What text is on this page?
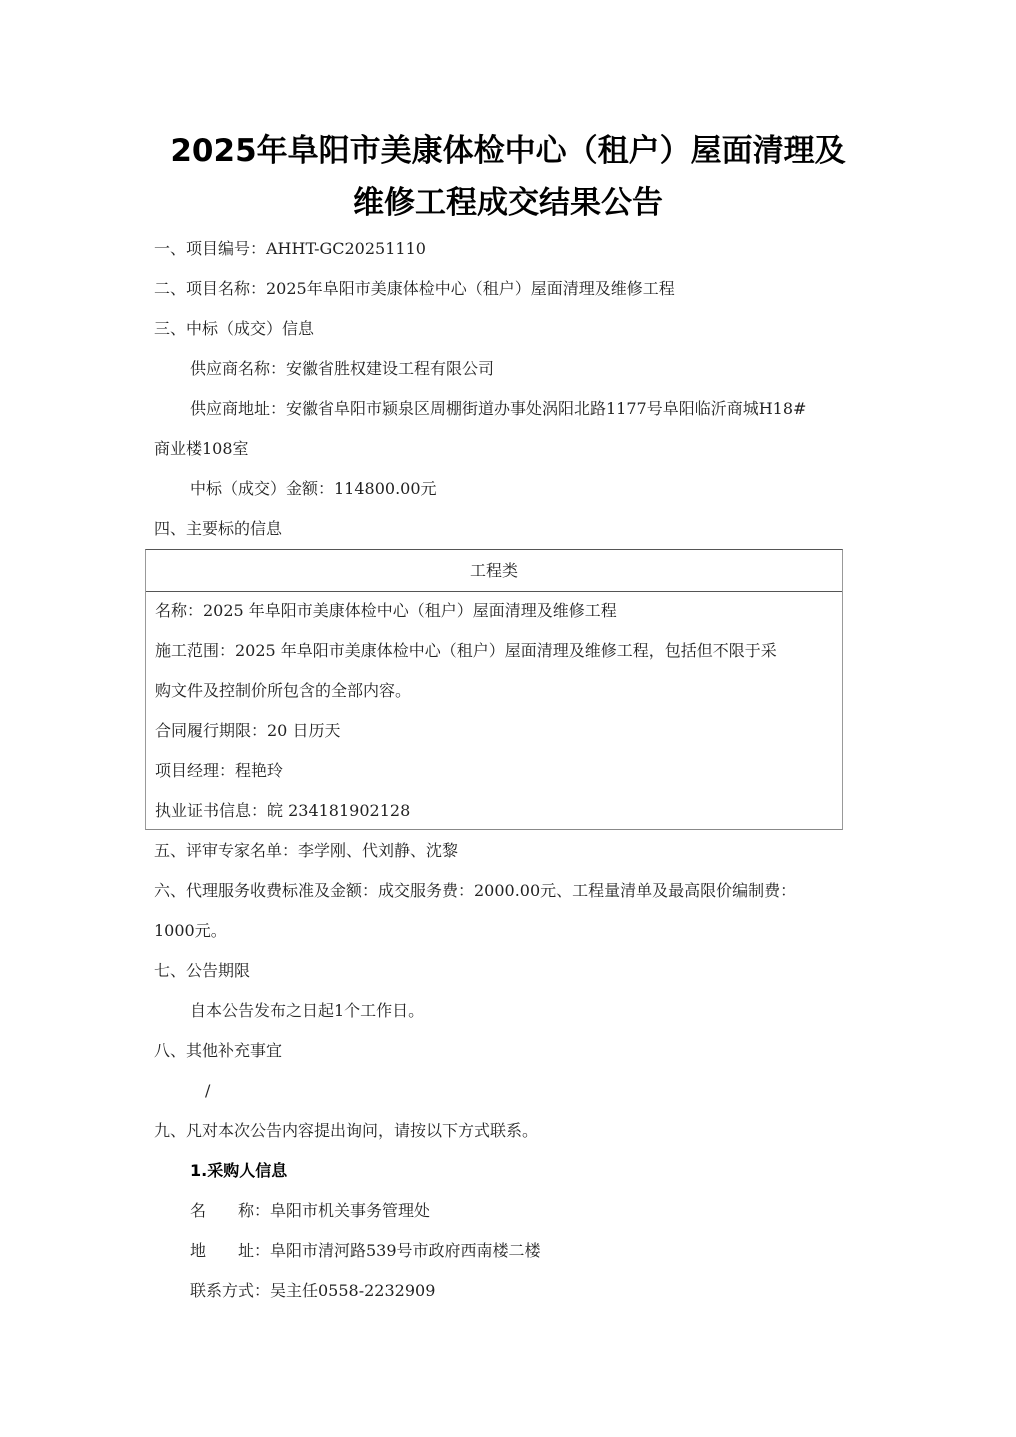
2025年阜阳市美康体检中心（租户）屋面清理及
维修工程成交结果公告
一、项目编号：AHHT-GC20251110
二、项目名称：2025年阜阳市美康体检中心（租户）屋面清理及维修工程
三、中标（成交）信息
供应商名称：安徽省胜权建设工程有限公司
供应商地址：安徽省阜阳市颍泉区周棚街道办事处涡阳北路1177号阜阳临沂商城H18#
商业楼108室
中标（成交）金额：114800.00元
四、主要标的信息
工程类
名称：2025 年阜阳市美康体检中心（租户）屋面清理及维修工程
施工范围：2025 年阜阳市美康体检中心（租户）屋面清理及维修工程，包括但不限于采
购文件及控制价所包含的全部内容。
合同履行期限：20 日历天
项目经理：程艳玲
执业证书信息：皖 234181902128
五、评审专家名单：李学刚、代刘静、沈黎
六、代理服务收费标准及金额：成交服务费：2000.00元、工程量清单及最高限价编制费：
1000元。
七、公告期限
自本公告发布之日起1个工作日。
八、其他补充事宜
/
九、凡对本次公告内容提出询问，请按以下方式联系。
1.采购人信息
名　　称：阜阳市机关事务管理处
地　　址：阜阳市清河路539号市政府西南楼二楼
联系方式：吴主任0558-2232909
